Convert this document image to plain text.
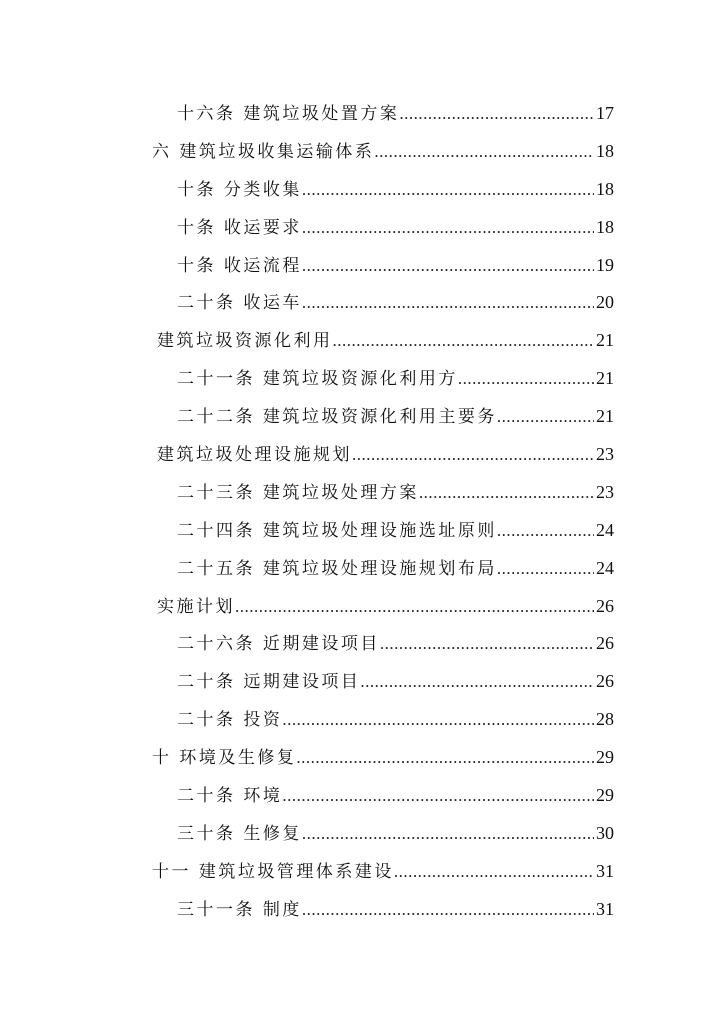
十六条 建筑垃圾处置方案 .....	17
六 建筑垃圾收集运输体系 .....	18
十条 分类收集 .....	18
十条 收运要求 .....	18
十条 收运流程 .....	19
二十条 收运车 .....	20
建筑垃圾资源化利用 .....	21
二十一条 建筑垃圾资源化利用方 .....	21
二十二条 建筑垃圾资源化利用主要务 .....	21
建筑垃圾处理设施规划 .....	23
二十三条 建筑垃圾处理方案 .....	23
二十四条 建筑垃圾处理设施选址原则 .....	24
二十五条 建筑垃圾处理设施规划布局 .....	24
实施计划 .....	26
二十六条 近期建设项目 .....	26
二十条 远期建设项目 .....	26
二十条 投资 .....	28
十 环境及生修复 .....	29
二十条 环境 .....	29
三十条 生修复 .....	30
十一 建筑垃圾管理体系建设 .....	31
三十一条 制度 .....	31
